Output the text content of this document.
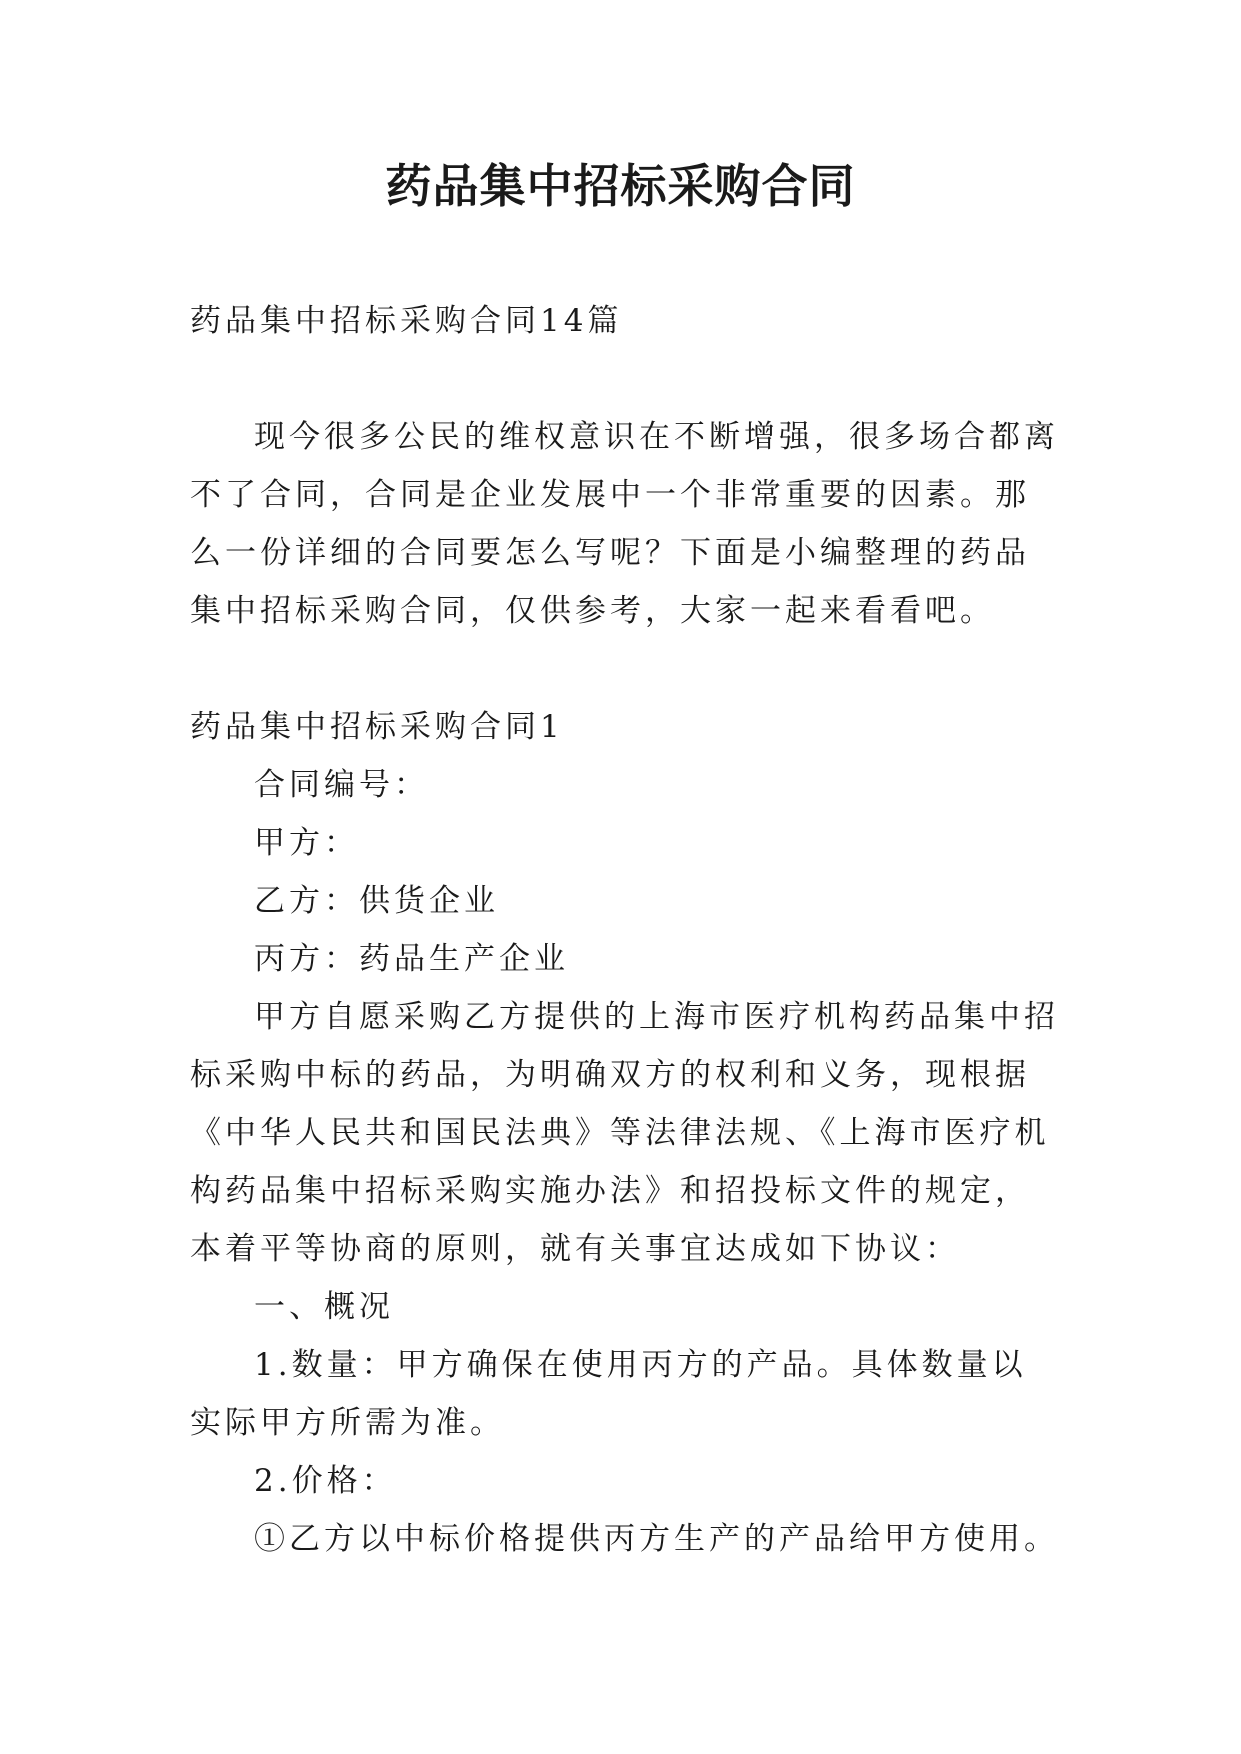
药品集中招标采购合同

药品集中招标采购合同14篇

现今很多公民的维权意识在不断增强，很多场合都离不了合同，合同是企业发展中一个非常重要的因素。那么一份详细的合同要怎么写呢？下面是小编整理的药品集中招标采购合同，仅供参考，大家一起来看看吧。

药品集中招标采购合同1

合同编号：

甲方：

乙方：供货企业

丙方：药品生产企业

甲方自愿采购乙方提供的上海市医疗机构药品集中招标采购中标的药品，为明确双方的权利和义务，现根据《中华人民共和国民法典》等法律法规、《上海市医疗机构药品集中招标采购实施办法》和招投标文件的规定，本着平等协商的原则，就有关事宜达成如下协议：

一、概况

1.数量：甲方确保在使用丙方的产品。具体数量以实际甲方所需为准。

2.价格：

①乙方以中标价格提供丙方生产的产品给甲方使用。
